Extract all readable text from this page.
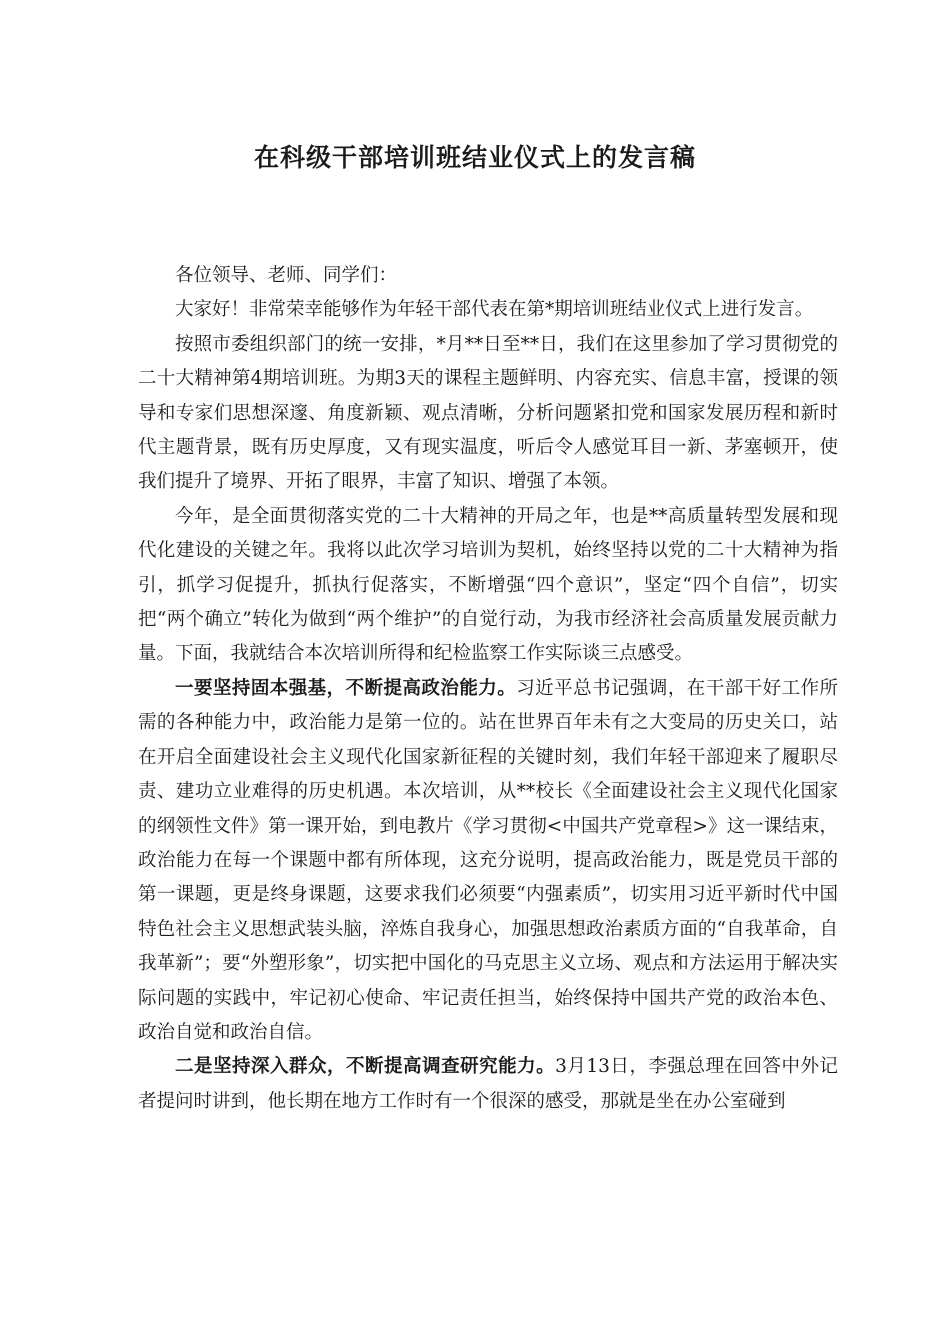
在科级干部培训班结业仪式上的发言稿

各位领导、老师、同学们：

大家好！非常荣幸能够作为年轻干部代表在第*期培训班结业仪式上进行发言。

按照市委组织部门的统一安排，*月**日至**日，我们在这里参加了学习贯彻党的二十大精神第4期培训班。为期3天的课程主题鲜明、内容充实、信息丰富，授课的领导和专家们思想深邃、角度新颖、观点清晰，分析问题紧扣党和国家发展历程和新时代主题背景，既有历史厚度，又有现实温度，听后令人感觉耳目一新、茅塞顿开，使我们提升了境界、开拓了眼界，丰富了知识、增强了本领。

今年，是全面贯彻落实党的二十大精神的开局之年，也是**高质量转型发展和现代化建设的关键之年。我将以此次学习培训为契机，始终坚持以党的二十大精神为指引，抓学习促提升，抓执行促落实，不断增强“四个意识”，坚定“四个自信”，切实把“两个确立”转化为做到“两个维护”的自觉行动，为我市经济社会高质量发展贡献力量。下面，我就结合本次培训所得和纪检监察工作实际谈三点感受。

一要坚持固本强基，不断提高政治能力。习近平总书记强调，在干部干好工作所需的各种能力中，政治能力是第一位的。站在世界百年未有之大变局的历史关口，站在开启全面建设社会主义现代化国家新征程的关键时刻，我们年轻干部迎来了履职尽责、建功立业难得的历史机遇。本次培训，从**校长《全面建设社会主义现代化国家的纲领性文件》第一课开始，到电教片《学习贯彻<中国共产党章程>》这一课结束，政治能力在每一个课题中都有所体现，这充分说明，提高政治能力，既是党员干部的第一课题，更是终身课题，这要求我们必须要“内强素质”，切实用习近平新时代中国特色社会主义思想武装头脑，淬炼自我身心，加强思想政治素质方面的“自我革命，自我革新”；要“外塑形象”，切实把中国化的马克思主义立场、观点和方法运用于解决实际问题的实践中，牢记初心使命、牢记责任担当，始终保持中国共产党的政治本色、政治自觉和政治自信。

二是坚持深入群众，不断提高调查研究能力。3月13日，李强总理在回答中外记者提问时讲到，他长期在地方工作时有一个很深的感受，那就是坐在办公室碰到
